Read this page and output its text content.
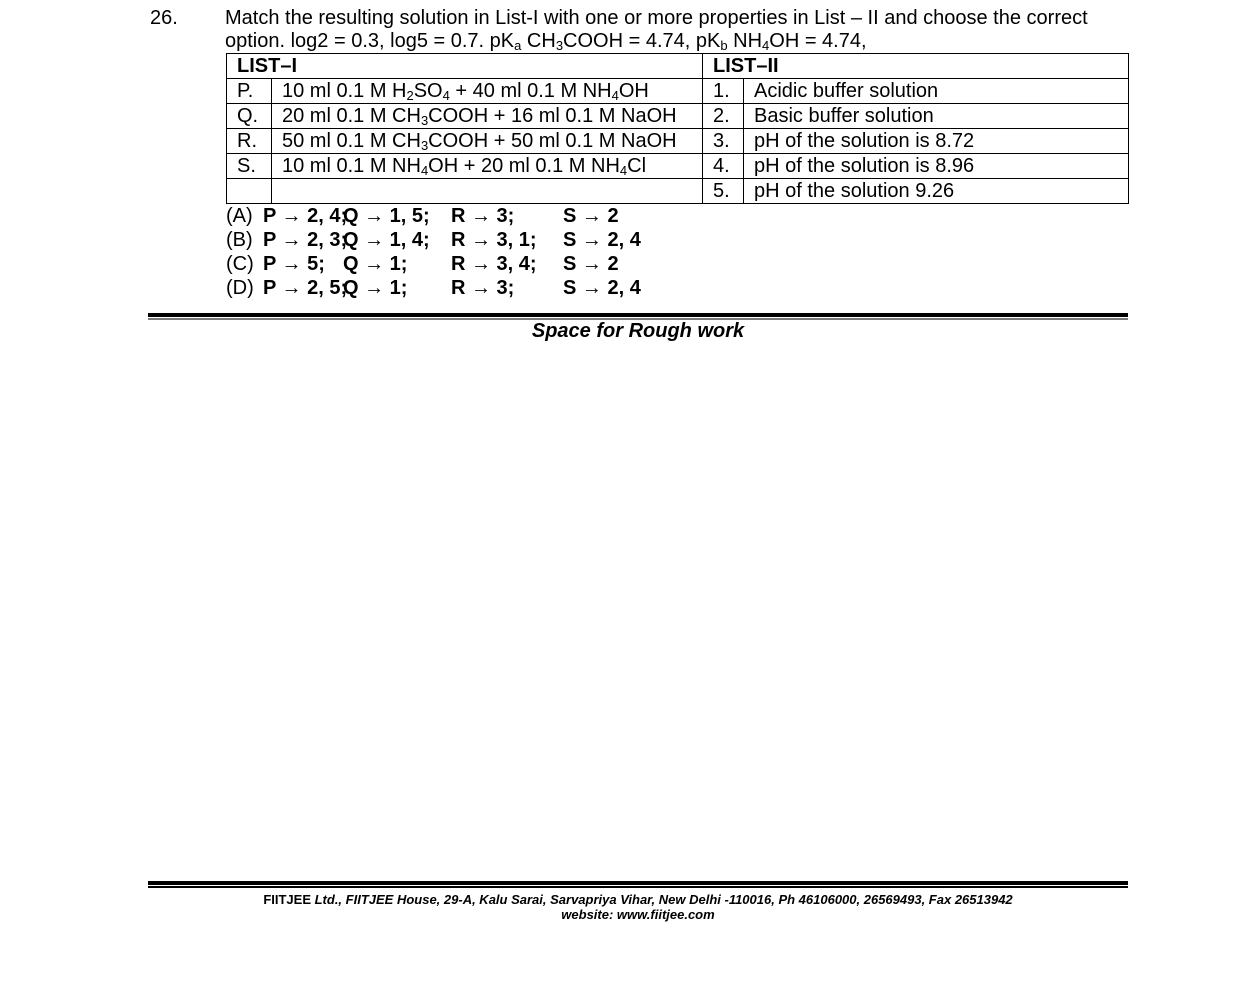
26. Match the resulting solution in List-I with one or more properties in List – II and choose the correct
option. log2 = 0.3, log5 = 0.7. $pK_a$ $CH_3COOH = 4.74$, $pK_b$ $NH_4OH = 4.74$,
LIST–I		LIST–II	
P.	10 ml 0.1 M $H_2SO_4 + 40$ ml 0.1 M $NH_4OH$	1.	Acidic buffer solution
Q.	20 ml 0.1 M $CH_3COOH + 16$ ml 0.1 M NaOH	2.	Basic buffer solution
R.	50 ml 0.1 M $CH_3COOH + 50$ ml 0.1 M NaOH	3.	pH of the solution is 8.72
S.	10 ml 0.1 M $NH_4OH + 20$ ml 0.1 M $NH_4Cl$	4.	pH of the solution is 8.96
		5.	pH of the solution 9.26
(A) P → 2, 4;
Q → 1, 5; R → 3; S → 2
(B) P → 2, 3;
Q → 1, 4; R → 3, 1; S → 2, 4
(C) P → 5; Q → 1; R → 3, 4; S → 2
(D) P → 2, 5;
Q → 1; R → 3; S → 2, 4
Space for Rough work
FIITJEE Ltd., FIITJEE House, 29-A, Kalu Sarai, Sarvapriya Vihar, New Delhi -110016, Ph 46106000, 26569493, Fax 26513942
website: www.fiitjee.com
